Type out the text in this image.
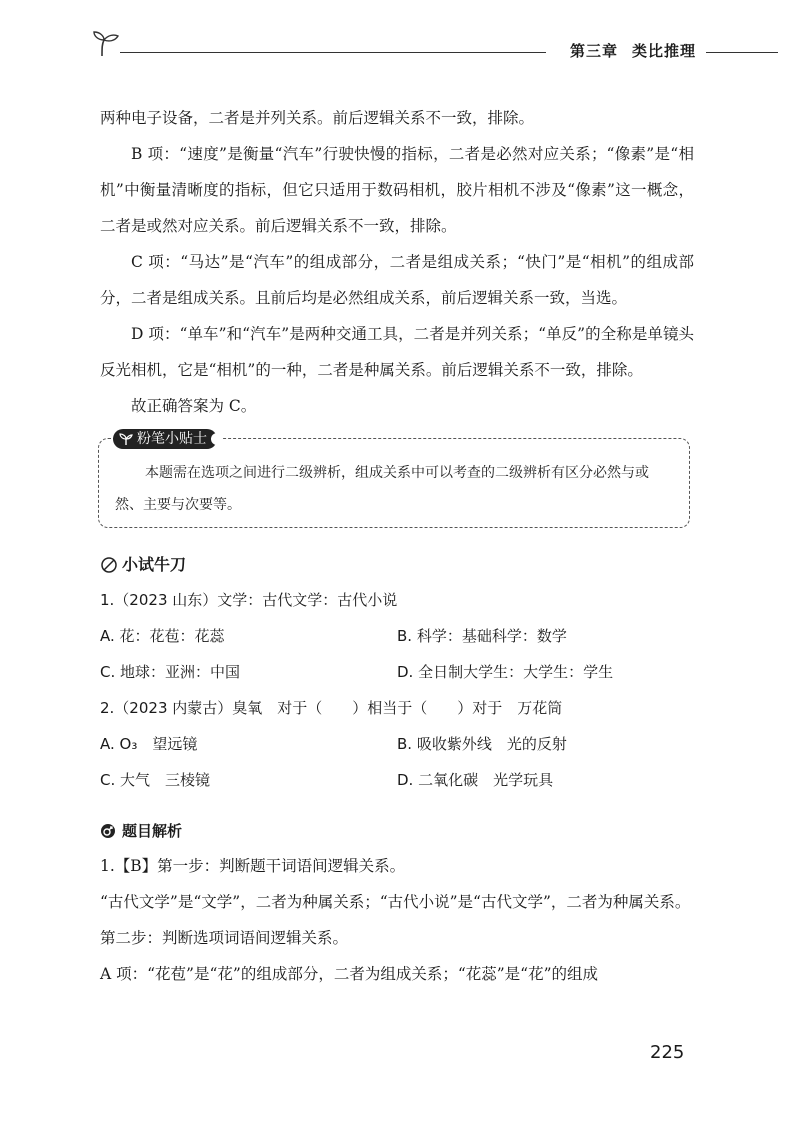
第三章 类比推理

两种电子设备，二者是并列关系。前后逻辑关系不一致，排除。

B 项：“速度”是衡量“汽车”行驶快慢的指标，二者是必然对应关系；“像素”是“相机”中衡量清晰度的指标，但它只适用于数码相机，胶片相机不涉及“像素”这一概念，二者是或然对应关系。前后逻辑关系不一致，排除。

C 项：“马达”是“汽车”的组成部分，二者是组成关系；“快门”是“相机”的组成部分，二者是组成关系。且前后均是必然组成关系，前后逻辑关系一致，当选。

D 项：“单车”和“汽车”是两种交通工具，二者是并列关系；“单反”的全称是单镜头反光相机，它是“相机”的一种，二者是种属关系。前后逻辑关系不一致，排除。

故正确答案为 C。

粉笔小贴士
本题需在选项之间进行二级辨析，组成关系中可以考查的二级辨析有区分必然与或然、主要与次要等。
小试牛刀
1.（2023 山东）文学：古代文学：古代小说
A. 花：花苞：花蕊	B. 科学：基础科学：数学
C. 地球：亚洲：中国	D. 全日制大学生：大学生：学生
2.（2023 内蒙古）臭氧　对于（　　）相当于（　　）对于　万花筒
A. O₃　望远镜	B. 吸收紫外线　光的反射
C. 大气　三棱镜	D. 二氧化碳　光学玩具
题目解析

1.【B】第一步：判断题干词语间逻辑关系。

“古代文学”是“文学”，二者为种属关系；“古代小说”是“古代文学”，二者为种属关系。

第二步：判断选项词语间逻辑关系。

A 项：“花苞”是“花”的组成部分，二者为组成关系；“花蕊”是“花”的组成

225
